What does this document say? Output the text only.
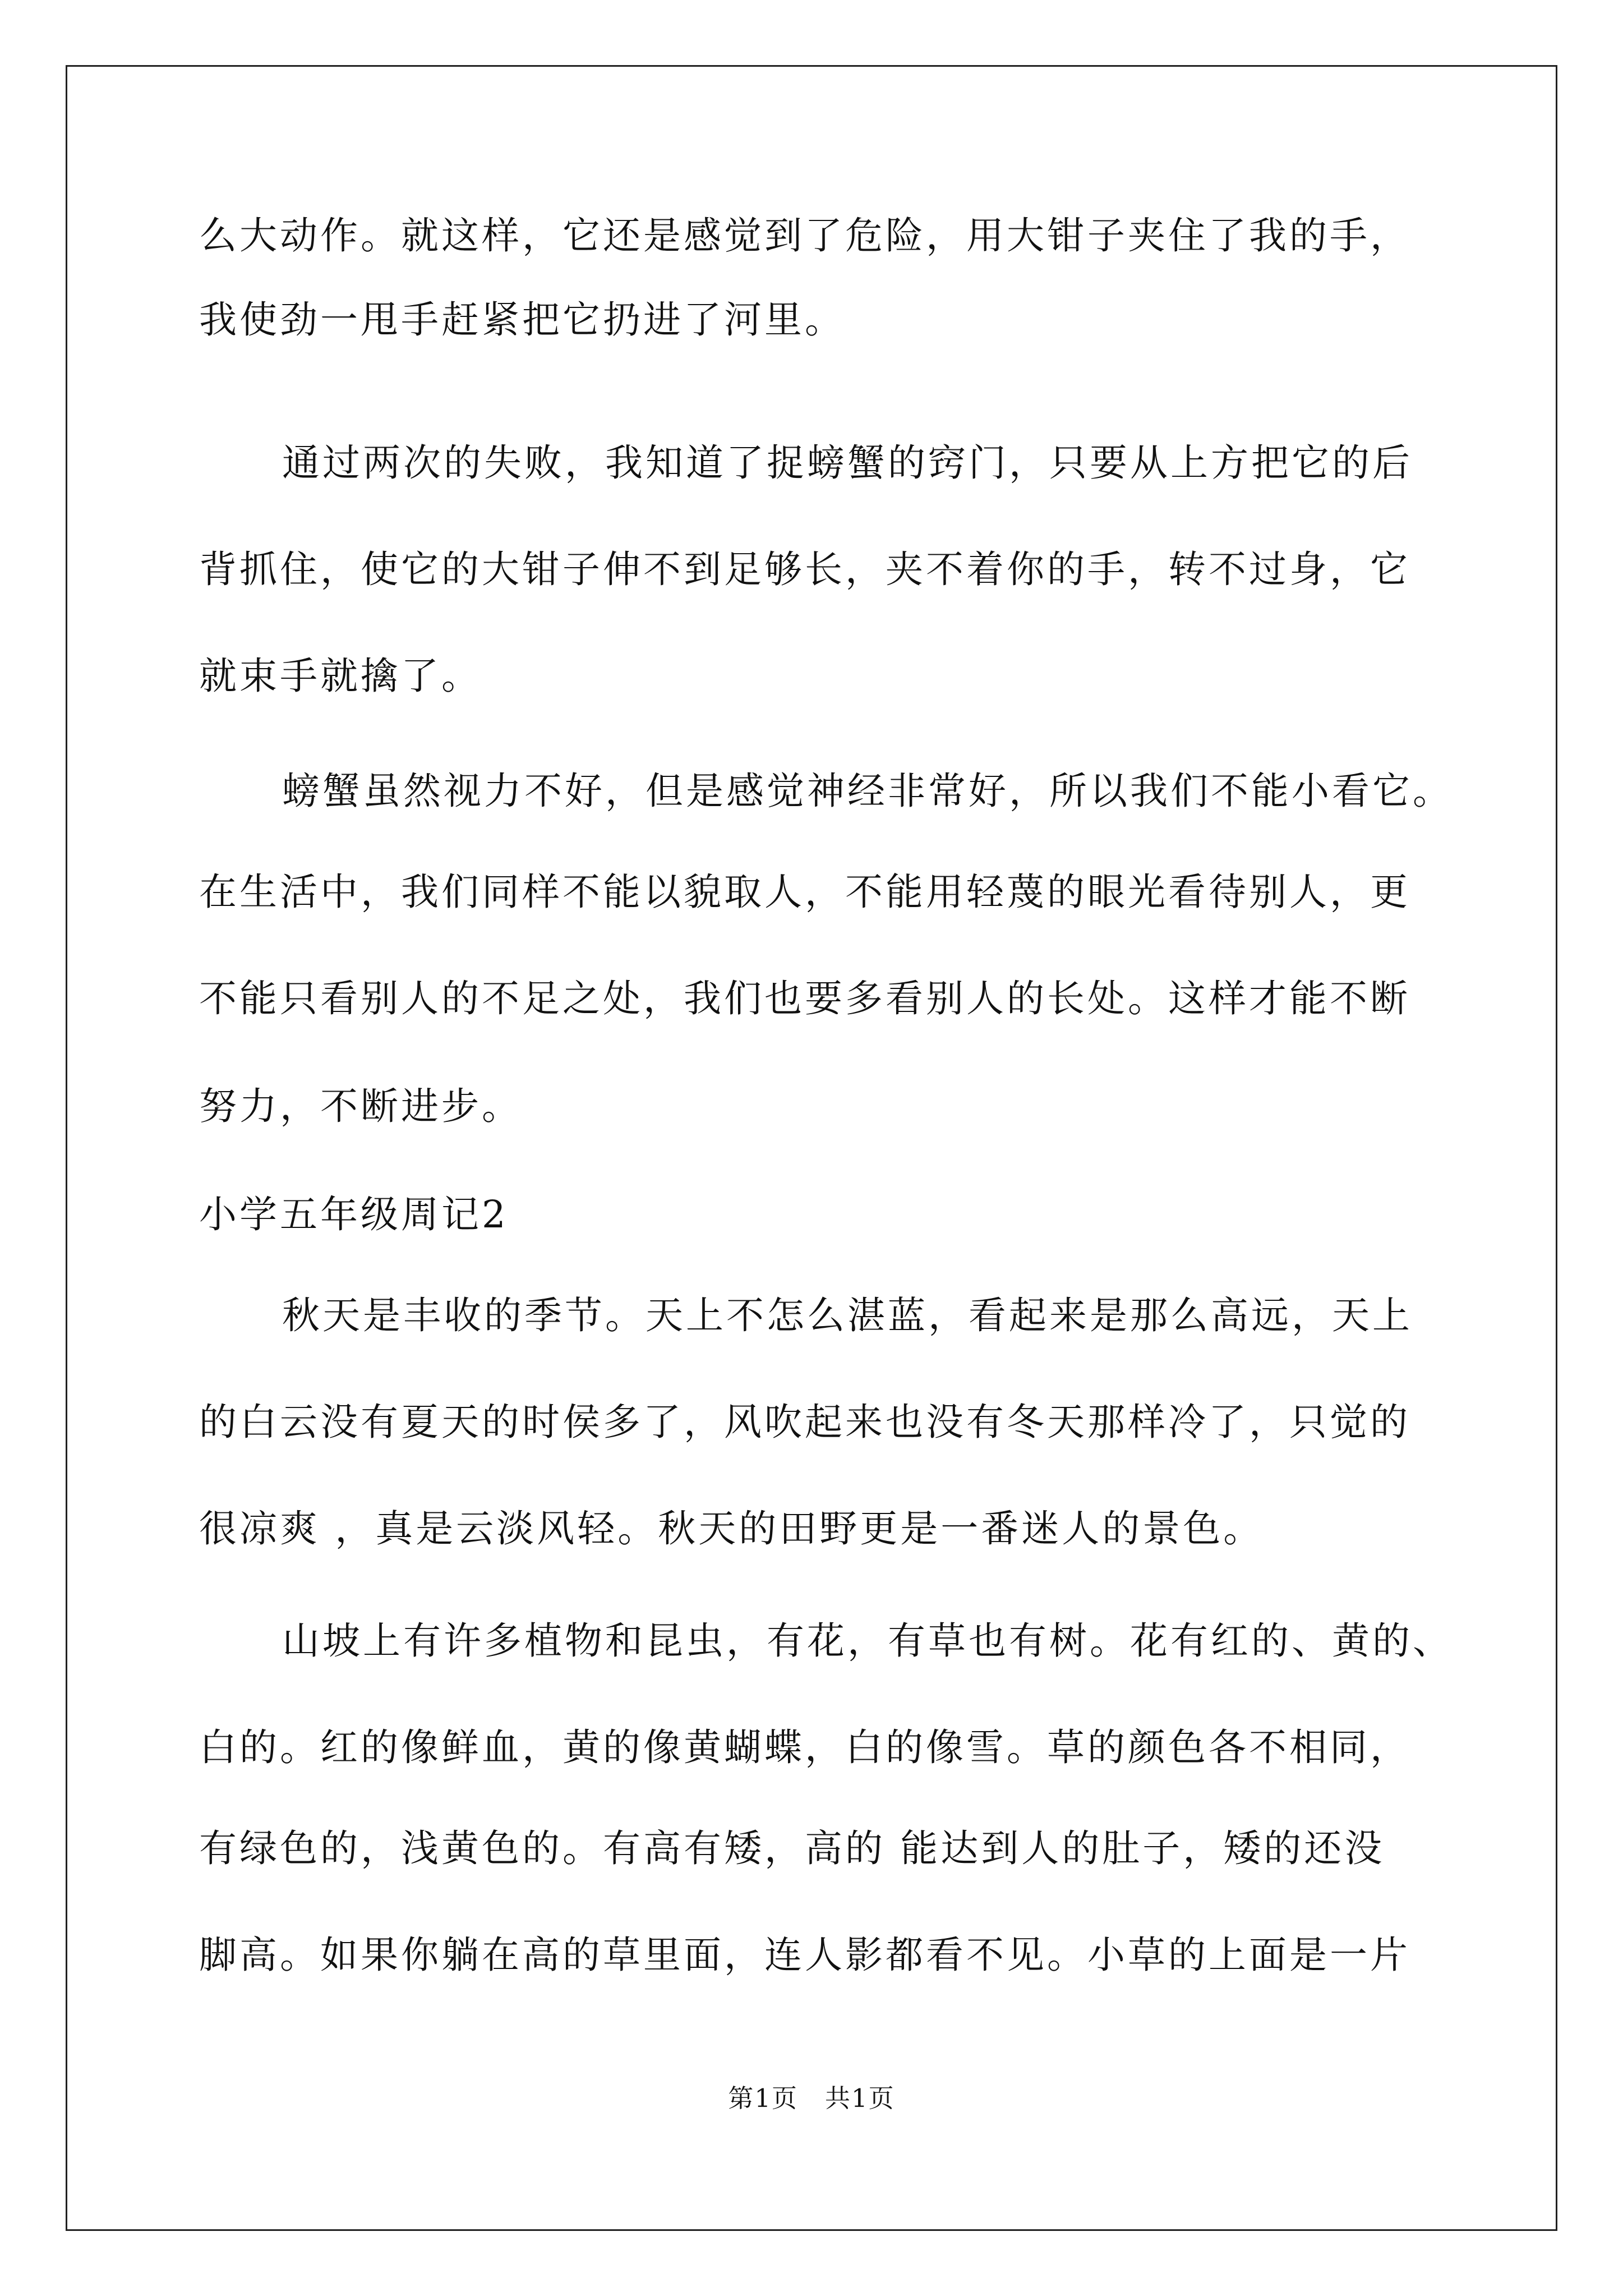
么大动作。就这样，它还是感觉到了危险，用大钳子夹住了我的手，
我使劲一甩手赶紧把它扔进了河里。
通过两次的失败，我知道了捉螃蟹的窍门，只要从上方把它的后
背抓住，使它的大钳子伸不到足够长，夹不着你的手，转不过身，它
就束手就擒了。
螃蟹虽然视力不好，但是感觉神经非常好，所以我们不能小看它。
在生活中，我们同样不能以貌取人，不能用轻蔑的眼光看待别人，更
不能只看别人的不足之处，我们也要多看别人的长处。这样才能不断
努力，不断进步。
小学五年级周记2
秋天是丰收的季节。天上不怎么湛蓝，看起来是那么高远，天上
的白云没有夏天的时侯多了，风吹起来也没有冬天那样冷了，只觉的
很凉爽 ，真是云淡风轻。秋天的田野更是一番迷人的景色。
山坡上有许多植物和昆虫，有花，有草也有树。花有红的、黄的、
白的。红的像鲜血，黄的像黄蝴蝶，白的像雪。草的颜色各不相同，
有绿色的，浅黄色的。有高有矮，高的 能达到人的肚子，矮的还没
脚高。如果你躺在高的草里面，连人影都看不见。小草的上面是一片
第1页 共1页
